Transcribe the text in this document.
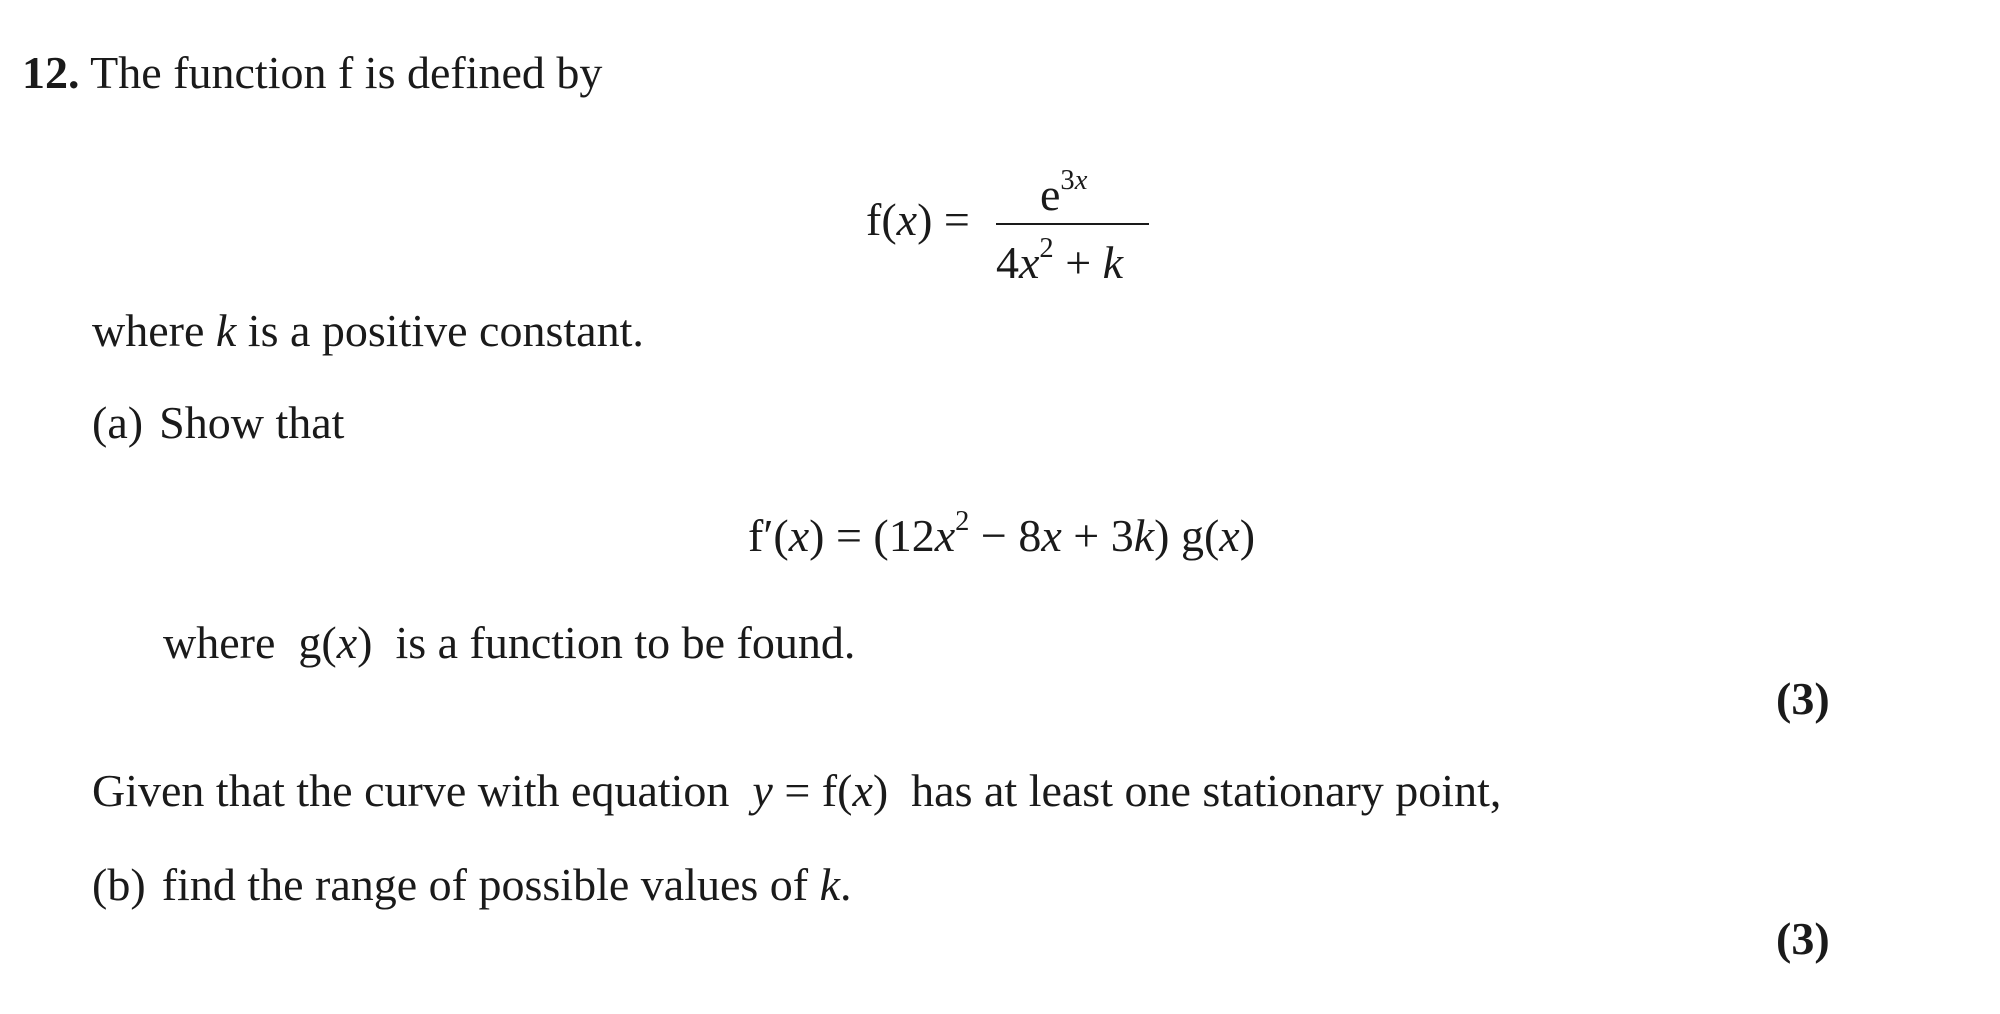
12. The function f is defined by
$f(x) = e^{3x}$
$4x^2 + k$
where k is a positive constant.
(a) Show that
$f'(x) = (12x^2 - 8x + 3k)$ g(x)
where  g(x)  is a function to be found.
(3)
Given that the curve with equation  y = f(x)  has at least one stationary point,
(b) find the range of possible values of k.
(3)
